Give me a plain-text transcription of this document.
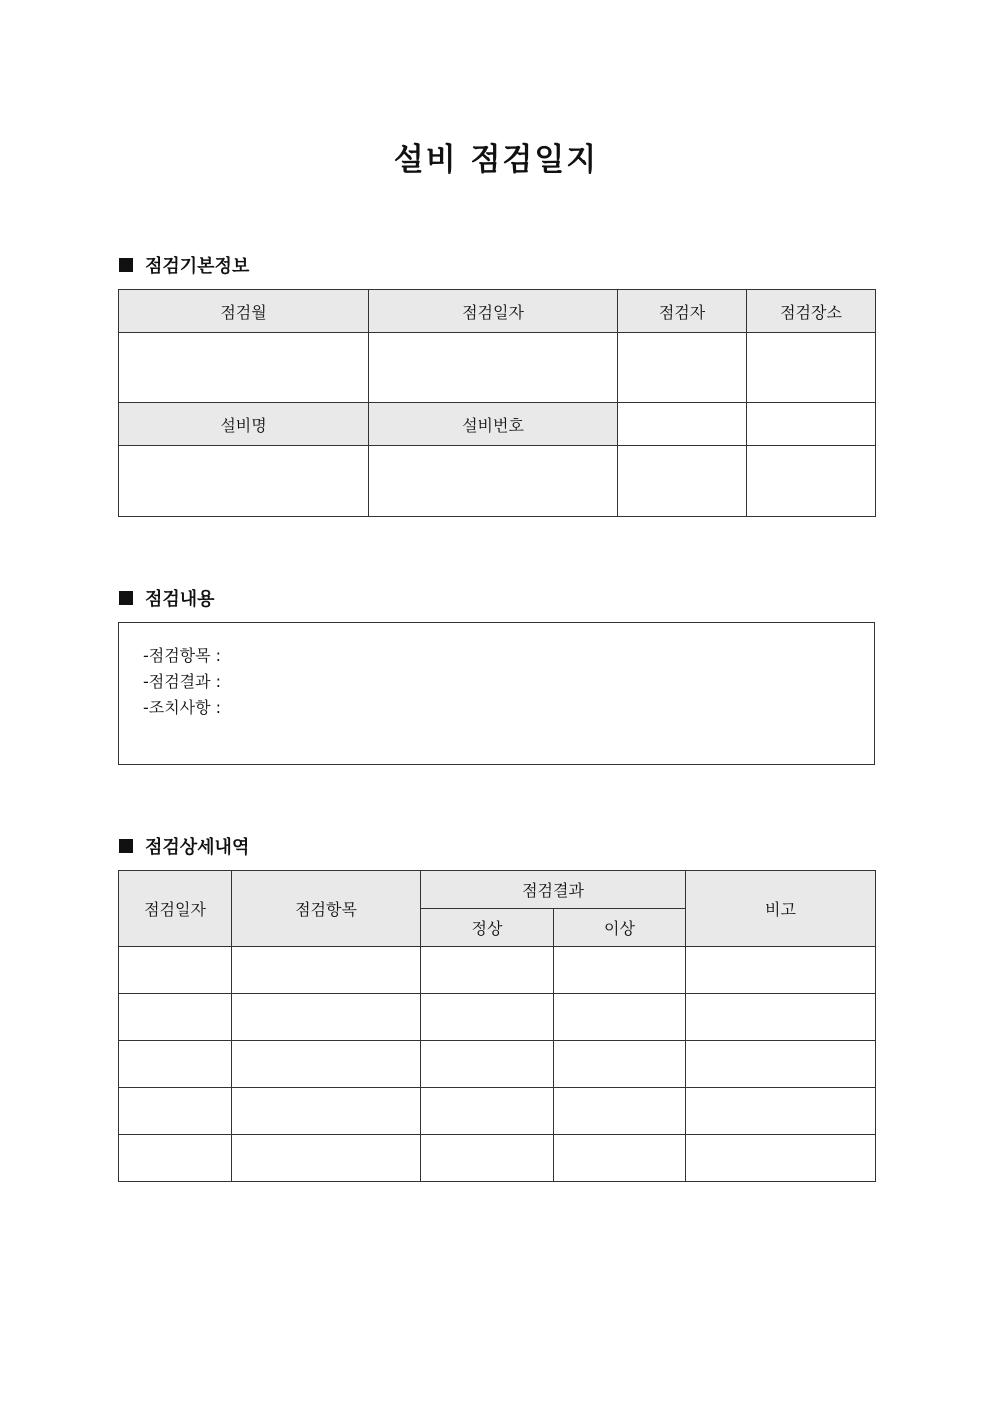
설비 점검일지
점검기본정보
점검월	점검일자	점검자	점검장소

설비명	설비번호		

점검내용
-점검항목 :
-점검결과 :
-조치사항 :
점검상세내역
점검일자	점검항목	점검결과		비고
		정상	이상	
